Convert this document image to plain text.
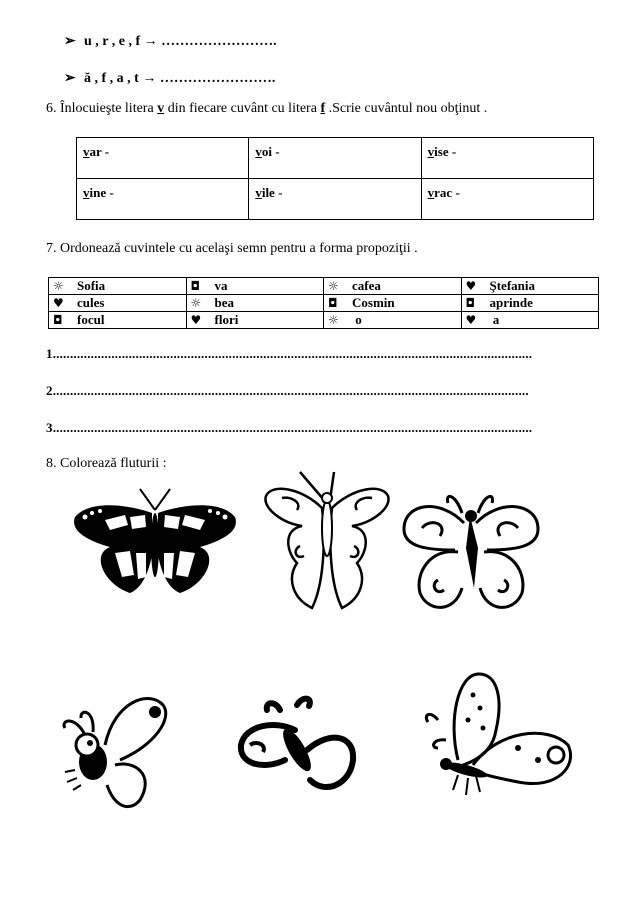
➢ u , r , e , f → …………………….
➢ ă , f , a , t → …………………….
6. Înlocuieşte litera v din fiecare cuvânt cu litera f .Scrie cuvântul nou obţinut .
var -	voi -	vise -
vine -	vile -	vrac -
7. Ordonează cuvintele cu acelaşi semn pentru a forma propoziţii .
☼ Sofia	◘ va	☼ cafea	♥ Ştefania
♥ cules	☼ bea	◘ Cosmin	◘ aprinde
◘ focul	♥ flori	☼ o	♥ a
1...........................................................................................................................................
2..........................................................................................................................................
3...........................................................................................................................................
8. Colorează fluturii :
